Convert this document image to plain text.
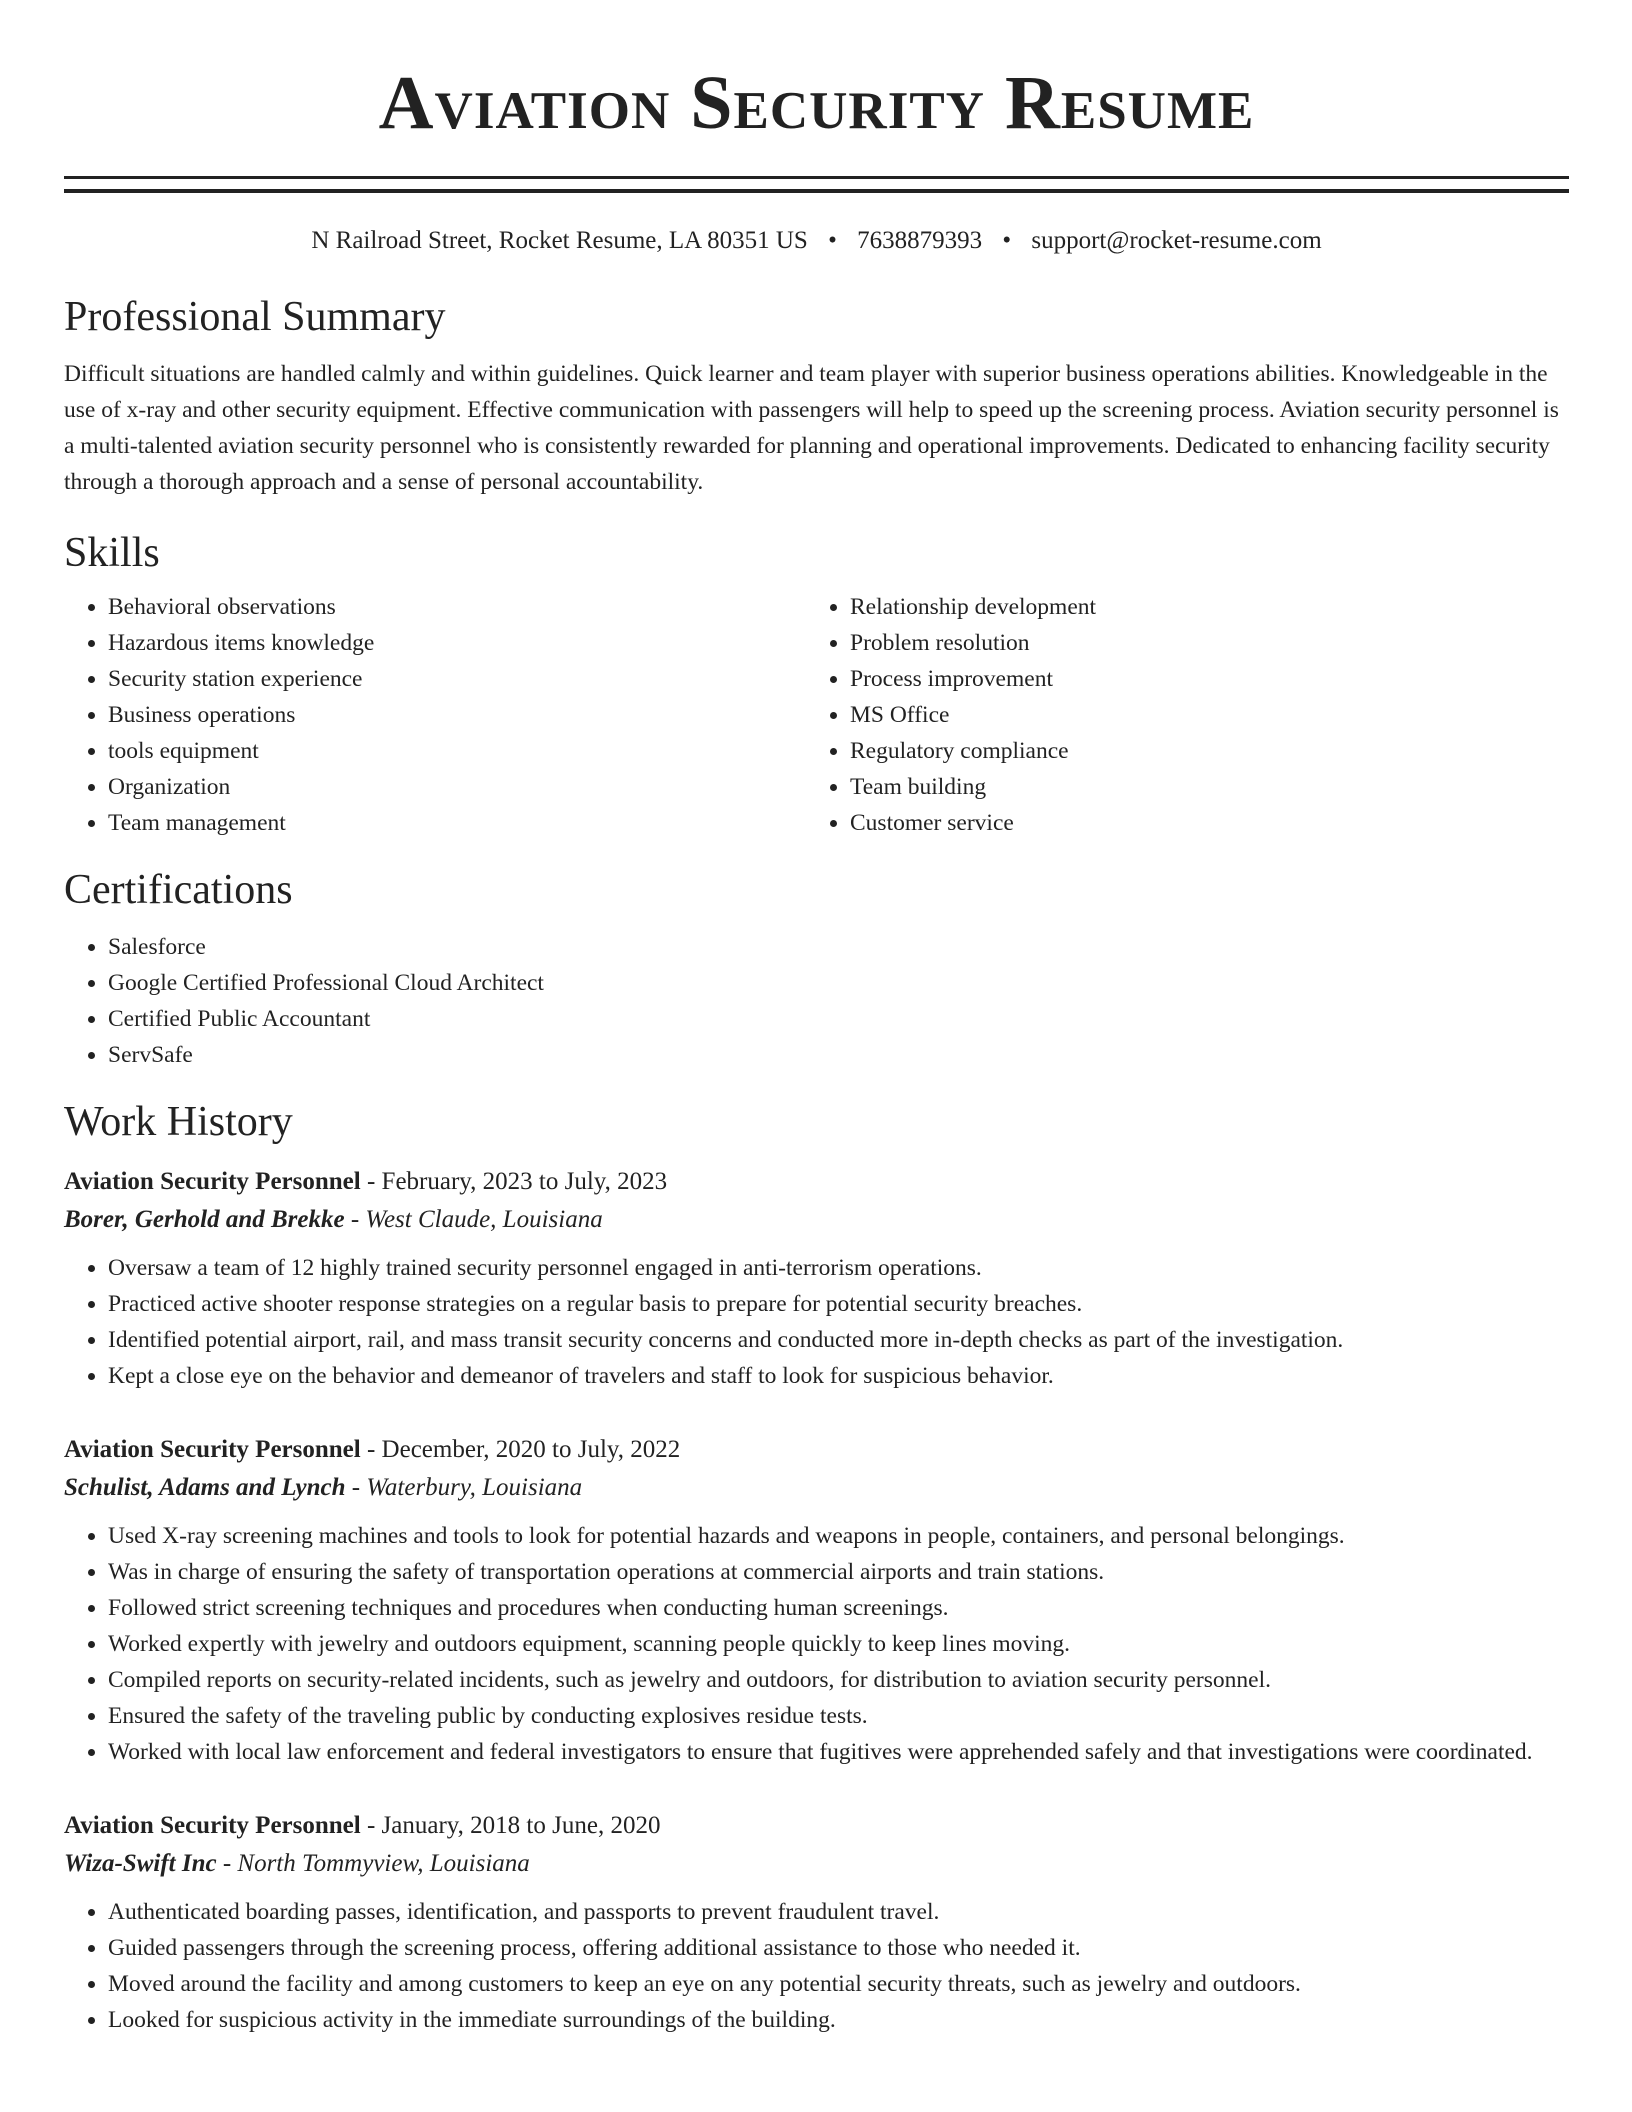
Aviation Security Resume
N Railroad Street, Rocket Resume, LA 80351 US • 7638879393 • support@rocket-resume.com
Professional Summary

Difficult situations are handled calmly and within guidelines. Quick learner and team player with superior business operations abilities. Knowledgeable in the use of x-ray and other security equipment. Effective communication with passengers will help to speed up the screening process. Aviation security personnel is a multi-talented aviation security personnel who is consistently rewarded for planning and operational improvements. Dedicated to enhancing facility security through a thorough approach and a sense of personal accountability.

Skills
• Behavioral observations
• Hazardous items knowledge
• Security station experience
• Business operations
• tools equipment
• Organization
• Team management
• Relationship development
• Problem resolution
• Process improvement
• MS Office
• Regulatory compliance
• Team building
• Customer service
Certifications
• Salesforce
• Google Certified Professional Cloud Architect
• Certified Public Accountant
• ServSafe
Work History
Aviation Security Personnel - February, 2023 to July, 2023
Borer, Gerhold and Brekke - West Claude, Louisiana
• Oversaw a team of 12 highly trained security personnel engaged in anti-terrorism operations.
• Practiced active shooter response strategies on a regular basis to prepare for potential security breaches.
• Identified potential airport, rail, and mass transit security concerns and conducted more in-depth checks as part of the investigation.
• Kept a close eye on the behavior and demeanor of travelers and staff to look for suspicious behavior.
Aviation Security Personnel - December, 2020 to July, 2022
Schulist, Adams and Lynch - Waterbury, Louisiana
• Used X-ray screening machines and tools to look for potential hazards and weapons in people, containers, and personal belongings.
• Was in charge of ensuring the safety of transportation operations at commercial airports and train stations.
• Followed strict screening techniques and procedures when conducting human screenings.
• Worked expertly with jewelry and outdoors equipment, scanning people quickly to keep lines moving.
• Compiled reports on security-related incidents, such as jewelry and outdoors, for distribution to aviation security personnel.
• Ensured the safety of the traveling public by conducting explosives residue tests.
• Worked with local law enforcement and federal investigators to ensure that fugitives were apprehended safely and that investigations were coordinated.
Aviation Security Personnel - January, 2018 to June, 2020
Wiza-Swift Inc - North Tommyview, Louisiana
• Authenticated boarding passes, identification, and passports to prevent fraudulent travel.
• Guided passengers through the screening process, offering additional assistance to those who needed it.
• Moved around the facility and among customers to keep an eye on any potential security threats, such as jewelry and outdoors.
• Looked for suspicious activity in the immediate surroundings of the building.
